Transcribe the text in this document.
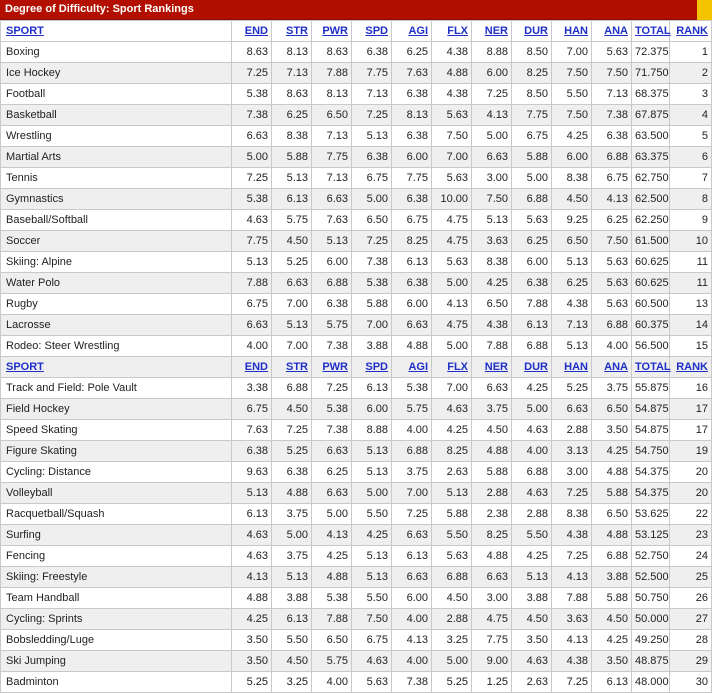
Degree of Difficulty: Sport Rankings
SPORT	END	STR	PWR	SPD	AGI	FLX	NER	DUR	HAN	ANA	TOTAL	RANK
Boxing	8.63	8.13	8.63	6.38	6.25	4.38	8.88	8.50	7.00	5.63	72.375	1
Ice Hockey	7.25	7.13	7.88	7.75	7.63	4.88	6.00	8.25	7.50	7.50	71.750	2
Football	5.38	8.63	8.13	7.13	6.38	4.38	7.25	8.50	5.50	7.13	68.375	3
Basketball	7.38	6.25	6.50	7.25	8.13	5.63	4.13	7.75	7.50	7.38	67.875	4
Wrestling	6.63	8.38	7.13	5.13	6.38	7.50	5.00	6.75	4.25	6.38	63.500	5
Martial Arts	5.00	5.88	7.75	6.38	6.00	7.00	6.63	5.88	6.00	6.88	63.375	6
Tennis	7.25	5.13	7.13	6.75	7.75	5.63	3.00	5.00	8.38	6.75	62.750	7
Gymnastics	5.38	6.13	6.63	5.00	6.38	10.00	7.50	6.88	4.50	4.13	62.500	8
Baseball/Softball	4.63	5.75	7.63	6.50	6.75	4.75	5.13	5.63	9.25	6.25	62.250	9
Soccer	7.75	4.50	5.13	7.25	8.25	4.75	3.63	6.25	6.50	7.50	61.500	10
Skiing: Alpine	5.13	5.25	6.00	7.38	6.13	5.63	8.38	6.00	5.13	5.63	60.625	11
Water Polo	7.88	6.63	6.88	5.38	6.38	5.00	4.25	6.38	6.25	5.63	60.625	11
Rugby	6.75	7.00	6.38	5.88	6.00	4.13	6.50	7.88	4.38	5.63	60.500	13
Lacrosse	6.63	5.13	5.75	7.00	6.63	4.75	4.38	6.13	7.13	6.88	60.375	14
Rodeo: Steer Wrestling	4.00	7.00	7.38	3.88	4.88	5.00	7.88	6.88	5.13	4.00	56.500	15
SPORT	END	STR	PWR	SPD	AGI	FLX	NER	DUR	HAN	ANA	TOTAL	RANK
Track and Field: Pole Vault	3.38	6.88	7.25	6.13	5.38	7.00	6.63	4.25	5.25	3.75	55.875	16
Field Hockey	6.75	4.50	5.38	6.00	5.75	4.63	3.75	5.00	6.63	6.50	54.875	17
Speed Skating	7.63	7.25	7.38	8.88	4.00	4.25	4.50	4.63	2.88	3.50	54.875	17
Figure Skating	6.38	5.25	6.63	5.13	6.88	8.25	4.88	4.00	3.13	4.25	54.750	19
Cycling: Distance	9.63	6.38	6.25	5.13	3.75	2.63	5.88	6.88	3.00	4.88	54.375	20
Volleyball	5.13	4.88	6.63	5.00	7.00	5.13	2.88	4.63	7.25	5.88	54.375	20
Racquetball/Squash	6.13	3.75	5.00	5.50	7.25	5.88	2.38	2.88	8.38	6.50	53.625	22
Surfing	4.63	5.00	4.13	4.25	6.63	5.50	8.25	5.50	4.38	4.88	53.125	23
Fencing	4.63	3.75	4.25	5.13	6.13	5.63	4.88	4.25	7.25	6.88	52.750	24
Skiing: Freestyle	4.13	5.13	4.88	5.13	6.63	6.88	6.63	5.13	4.13	3.88	52.500	25
Team Handball	4.88	3.88	5.38	5.50	6.00	4.50	3.00	3.88	7.88	5.88	50.750	26
Cycling: Sprints	4.25	6.13	7.88	7.50	4.00	2.88	4.75	4.50	3.63	4.50	50.000	27
Bobsledding/Luge	3.50	5.50	6.50	6.75	4.13	3.25	7.75	3.50	4.13	4.25	49.250	28
Ski Jumping	3.50	4.50	5.75	4.63	4.00	5.00	9.00	4.63	4.38	3.50	48.875	29
Badminton	5.25	3.25	4.00	5.63	7.38	5.25	1.25	2.63	7.25	6.13	48.000	30
